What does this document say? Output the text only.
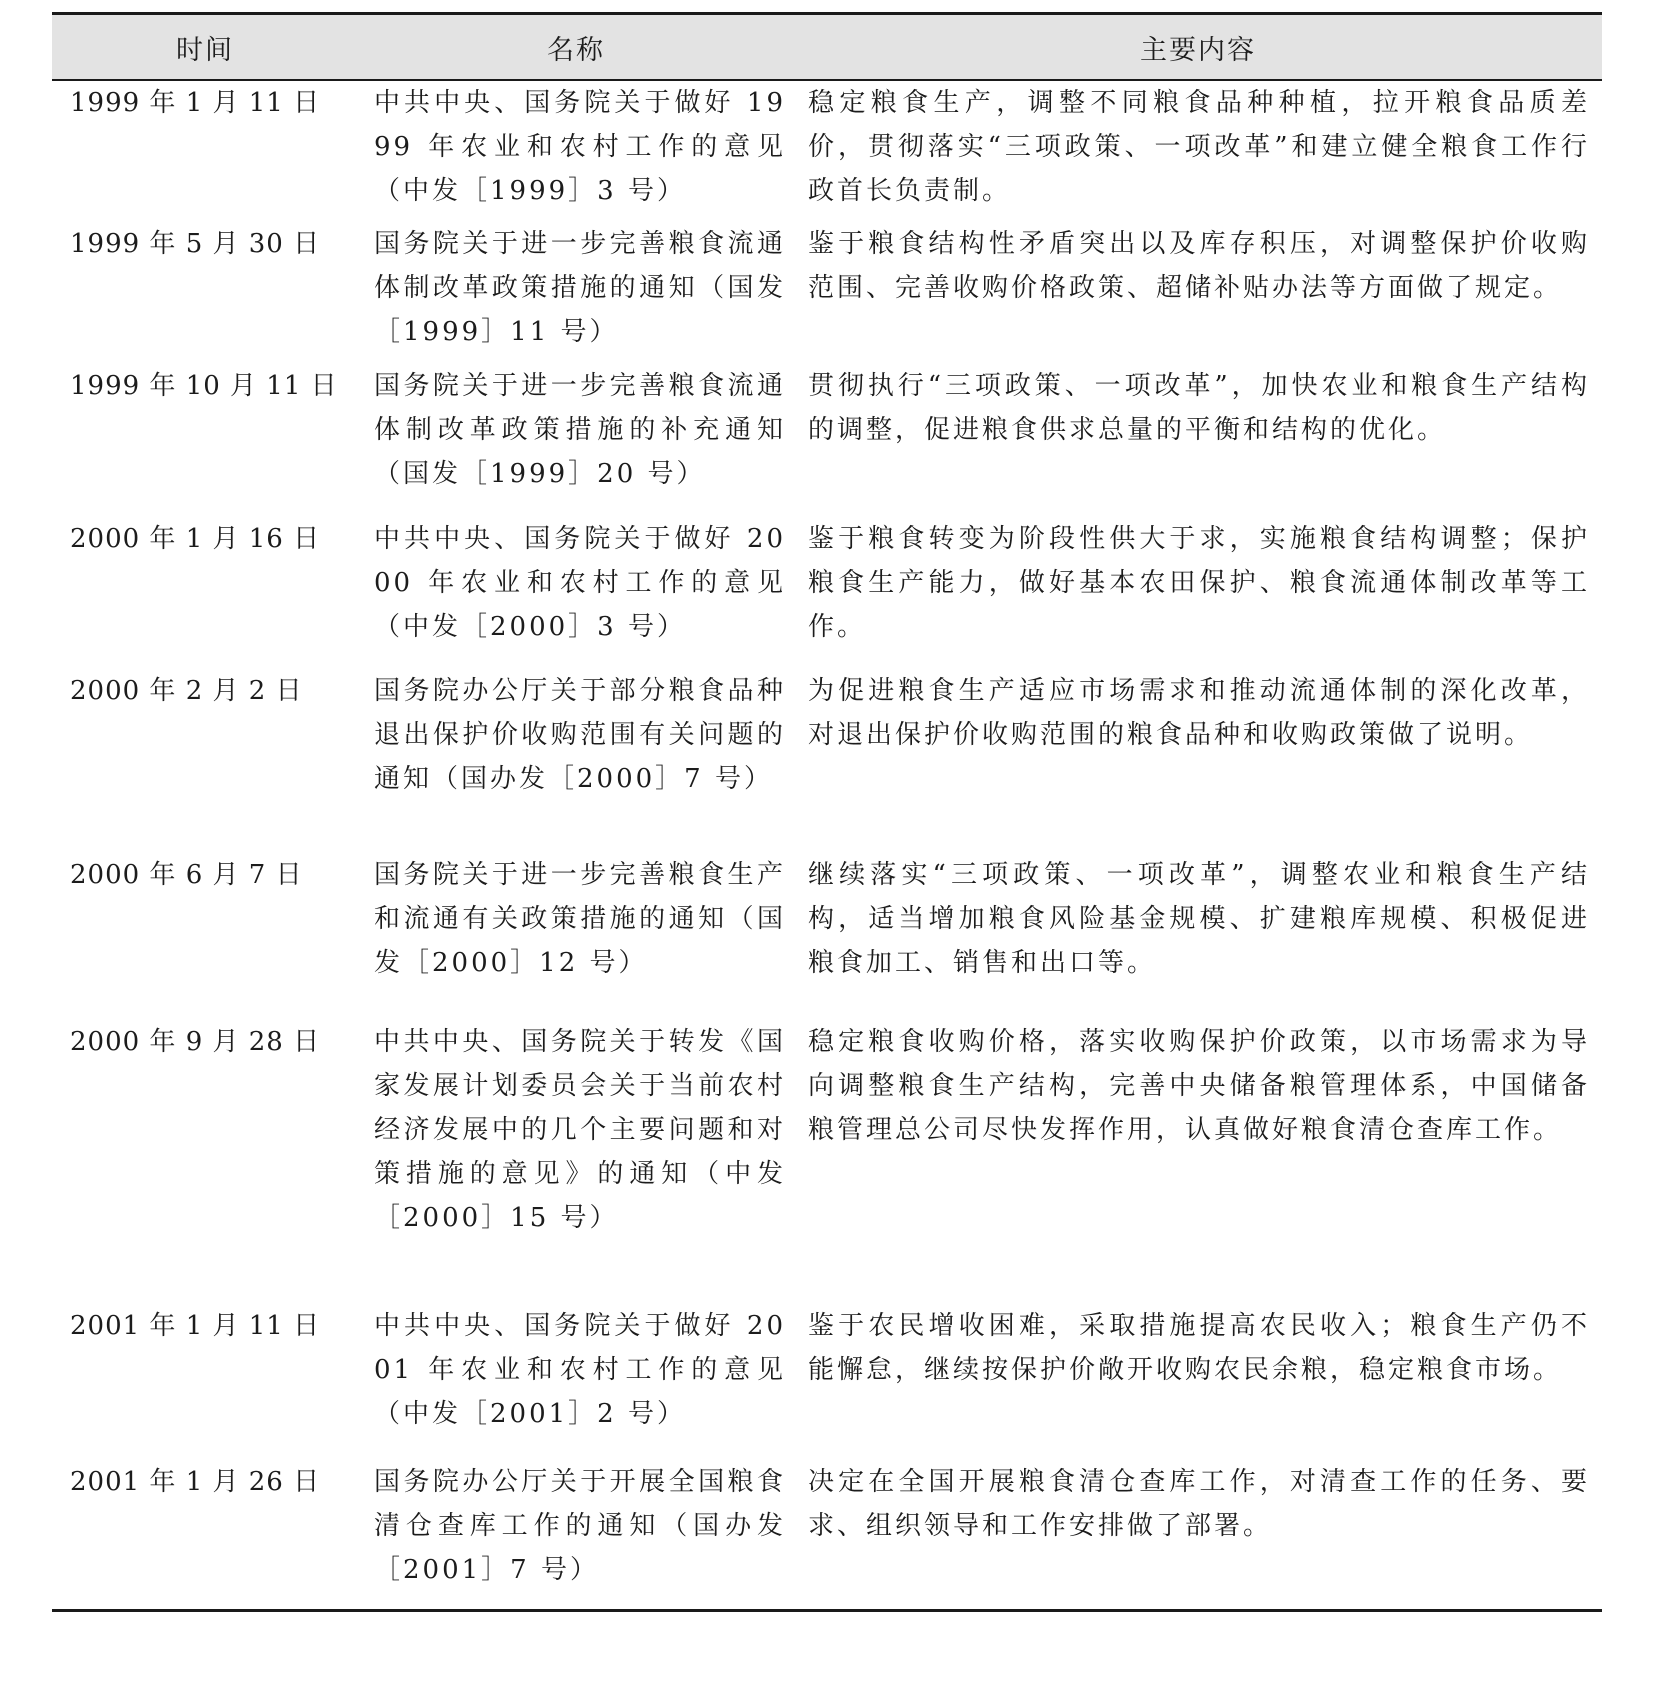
时间	名称	主要内容
1999 年 1 月 11 日	中共中央、国务院关于做好 1999 年农业和农村工作的意见（中发［1999］3 号）	稳定粮食生产，调整不同粮食品种种植，拉开粮食品质差价，贯彻落实“三项政策、一项改革”和建立健全粮食工作行政首长负责制。
1999 年 5 月 30 日	国务院关于进一步完善粮食流通体制改革政策措施的通知（国发［1999］11 号）	鉴于粮食结构性矛盾突出以及库存积压，对调整保护价收购范围、完善收购价格政策、超储补贴办法等方面做了规定。
1999 年 10 月 11 日	国务院关于进一步完善粮食流通体制改革政策措施的补充通知（国发［1999］20 号）	贯彻执行“三项政策、一项改革”，加快农业和粮食生产结构的调整，促进粮食供求总量的平衡和结构的优化。
2000 年 1 月 16 日	中共中央、国务院关于做好 2000 年农业和农村工作的意见（中发［2000］3 号）	鉴于粮食转变为阶段性供大于求，实施粮食结构调整；保护粮食生产能力，做好基本农田保护、粮食流通体制改革等工作。
2000 年 2 月 2 日	国务院办公厅关于部分粮食品种退出保护价收购范围有关问题的通知（国办发［2000］7 号）	为促进粮食生产适应市场需求和推动流通体制的深化改革，对退出保护价收购范围的粮食品种和收购政策做了说明。
2000 年 6 月 7 日	国务院关于进一步完善粮食生产和流通有关政策措施的通知（国发［2000］12 号）	继续落实“三项政策、一项改革”，调整农业和粮食生产结构，适当增加粮食风险基金规模、扩建粮库规模、积极促进粮食加工、销售和出口等。
2000 年 9 月 28 日	中共中央、国务院关于转发《国家发展计划委员会关于当前农村经济发展中的几个主要问题和对策措施的意见》的通知（中发［2000］15 号）	稳定粮食收购价格，落实收购保护价政策，以市场需求为导向调整粮食生产结构，完善中央储备粮管理体系，中国储备粮管理总公司尽快发挥作用，认真做好粮食清仓查库工作。
2001 年 1 月 11 日	中共中央、国务院关于做好 2001 年农业和农村工作的意见（中发［2001］2 号）	鉴于农民增收困难，采取措施提高农民收入；粮食生产仍不能懈怠，继续按保护价敞开收购农民余粮，稳定粮食市场。
2001 年 1 月 26 日	国务院办公厅关于开展全国粮食清仓查库工作的通知（国办发［2001］7 号）	决定在全国开展粮食清仓查库工作，对清查工作的任务、要求、组织领导和工作安排做了部署。
